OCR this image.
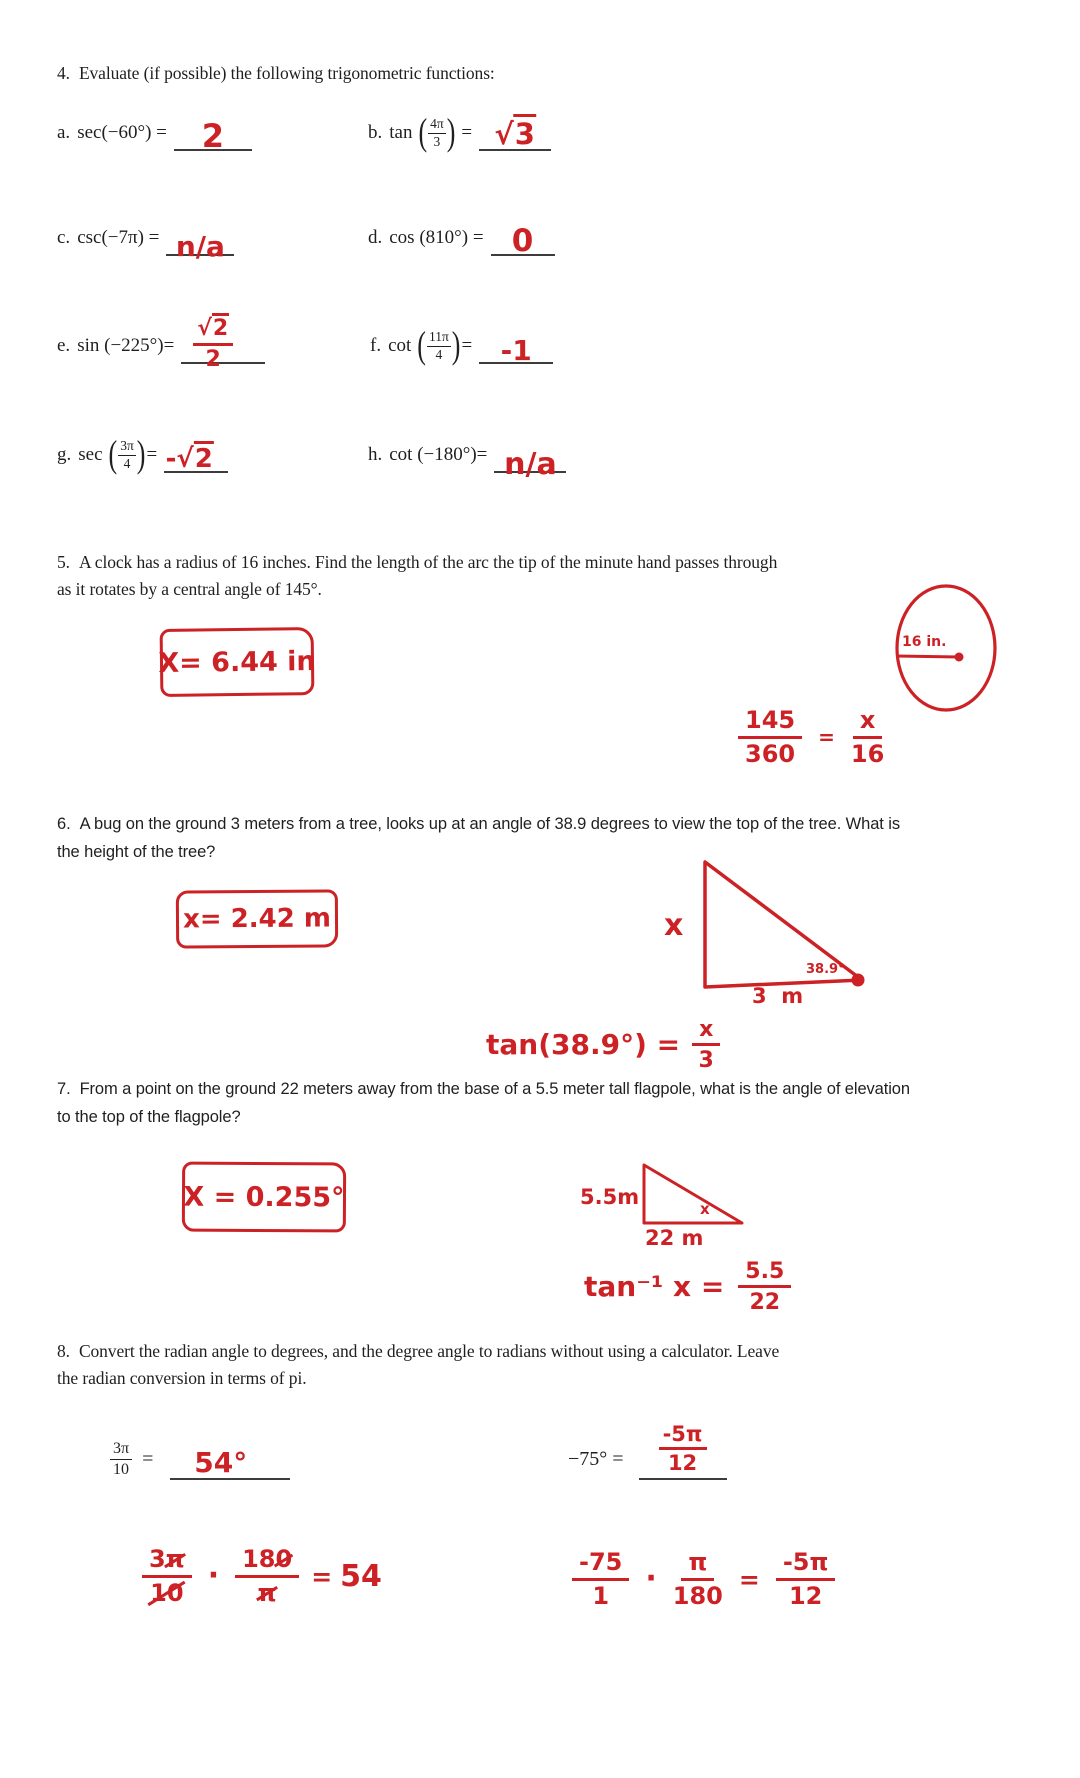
4. Evaluate (if possible) the following trigonometric functions:
a. sec(−60°) = 2	b. tan ( $\frac{4\pi}{3}$ ) = √3
c. csc(−7π) = n/a	d. cos (810°) = 0
e. $\sin (-225^\circ)= \frac{√2}{2}$	f. cot ( $\frac{11\pi}{4}$ ) = -1
g. sec ( $\frac{3\pi}{4}$ ) = -√2	h. cot (−180°)= n/a
5. A clock has a radius of 16 inches. Find the length of the arc the tip of the minute hand passes through
as it rotates by a central angle of 145°.
X= 6.44 in
16 in.
$\frac{145}{360} = \frac{x}{16}$
6. A bug on the ground 3 meters from a tree, looks up at an angle of 38.9 degrees to view the top of the tree. What is
the height of the tree?
x= 2.42 m	x
38.9°
3  m
$\tan(38.9^\circ) = \frac{x}{3}$
7. From a point on the ground 22 meters away from the base of a 5.5 meter tall flagpole, what is the angle of elevation
to the top of the flagpole?
X = 0.255°	5.5m	x
22 m
tan⁻¹ $x = \frac{5.5}{22}$
8. Convert the radian angle to degrees, and the degree angle to radians without using a calculator. Leave
the radian conversion in terms of pi.
$\frac{3\pi}{10} = 54^\circ$	$-75^\circ = \frac{-5\pi}{12}$
$\frac{3\pi}{10} \cdot \frac{180}{\pi} = 54$	$\frac{-75}{1} \cdot \frac{\pi}{180} = \frac{-5\pi}{12}$
